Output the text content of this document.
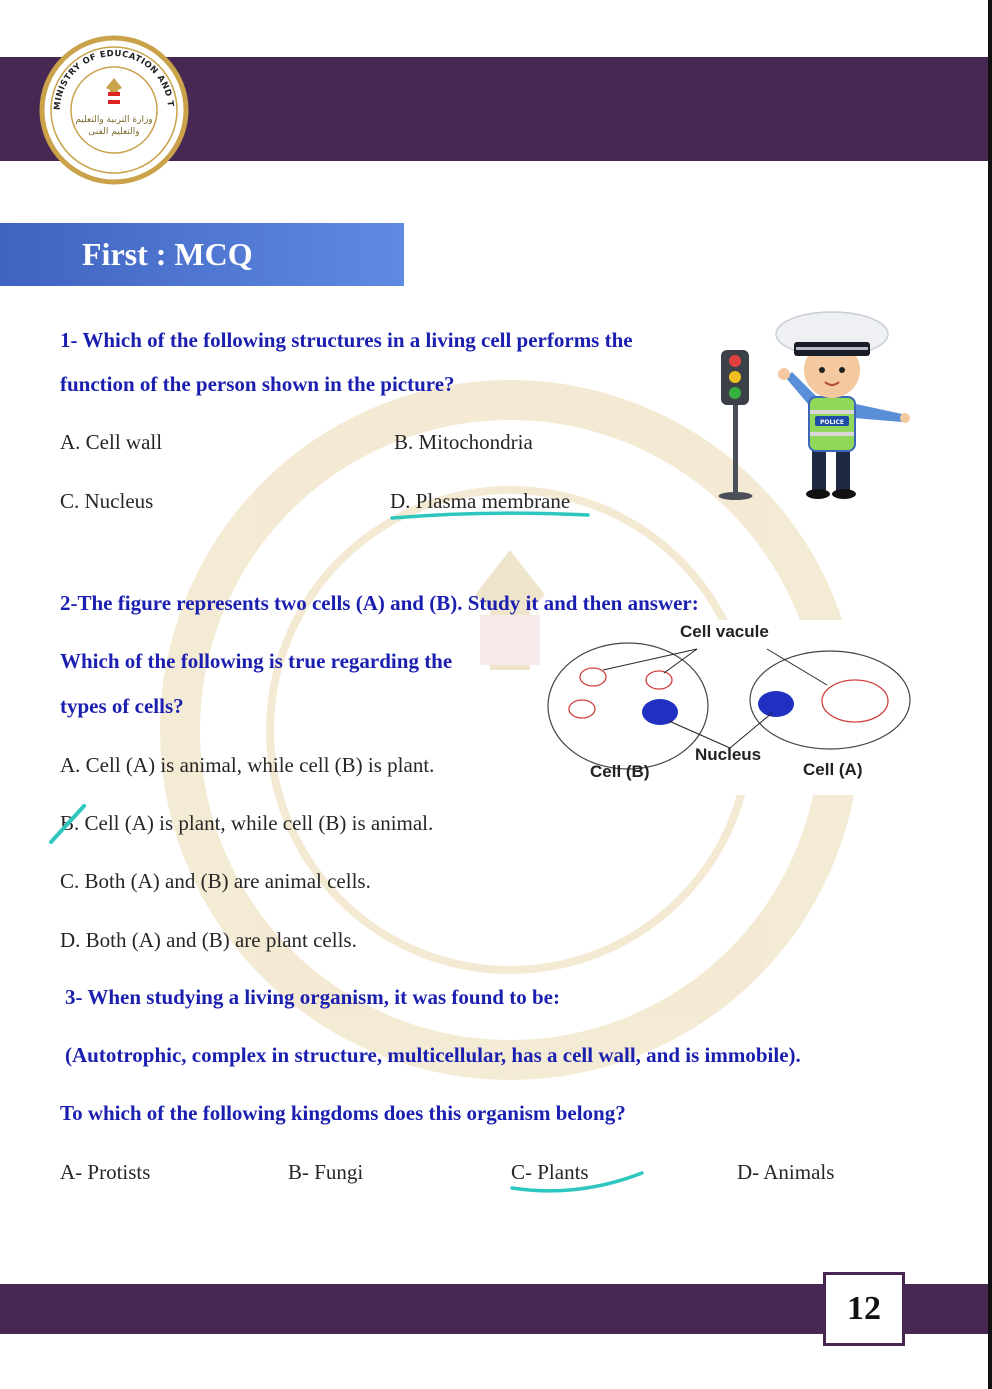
MINISTRY OF EDUCATION AND TECHNICAL EDUCATION
وزارة التربية والتعليم
والتعليم الفنى
First : MCQ
1- Which of the following structures in a living cell performs the
function of the person shown in the picture?
A. Cell wall	B. Mitochondria
C. Nucleus	D. Plasma membrane
POLICE
2-The figure represents two cells (A) and (B). Study it and then answer:
Which of the following is true regarding the
types of cells?
Cell vacule
Nucleus
Cell (B)	Cell (A)
A. Cell (A) is animal, while cell (B) is plant.
B. Cell (A) is plant, while cell (B) is animal.
C. Both (A) and (B) are animal cells.
D. Both (A) and (B) are plant cells.
3- When studying a living organism, it was found to be:
(Autotrophic, complex in structure, multicellular, has a cell wall, and is immobile).
To which of the following kingdoms does this organism belong?
A- Protists	B- Fungi	C- Plants	D- Animals
12
